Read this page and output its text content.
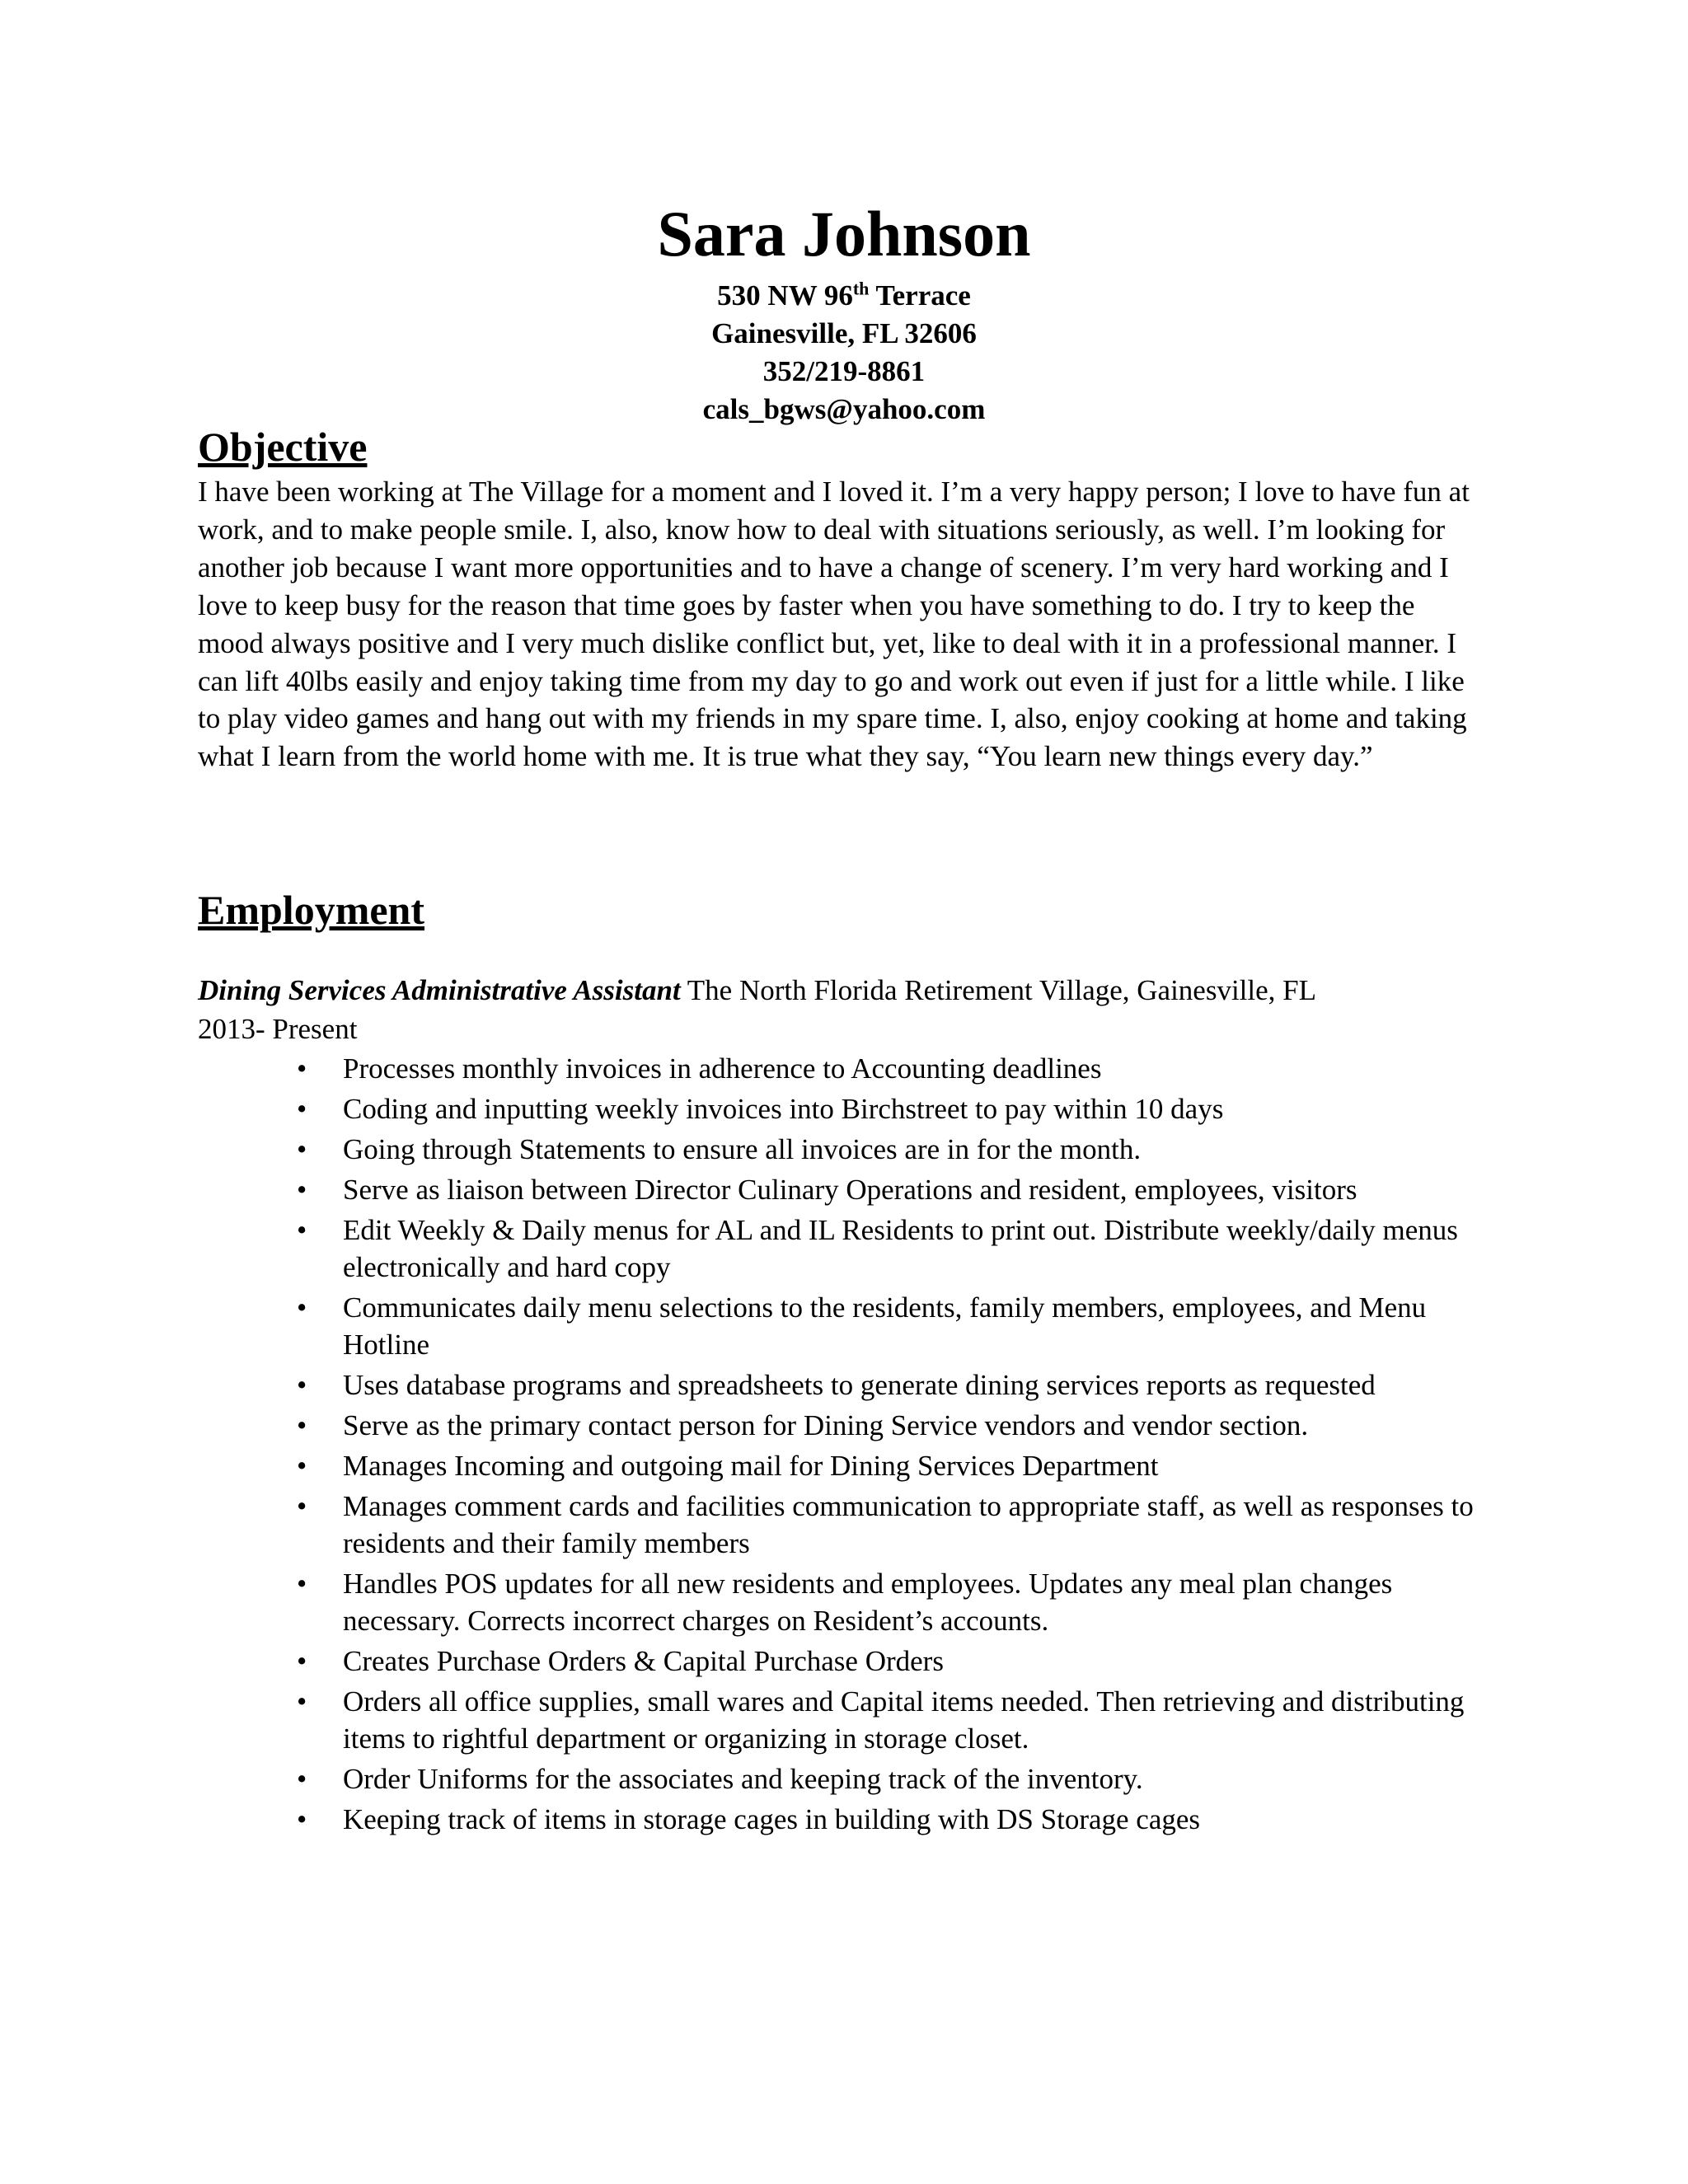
Sara Johnson

530 NW 96th Terrace

Gainesville, FL 32606

352/219-8861

cals_bgws@yahoo.com

Objective

I have been working at The Village for a moment and I loved it. I’m a very happy person; I love to have fun at work, and to make people smile. I, also, know how to deal with situations seriously, as well. I’m looking for another job because I want more opportunities and to have a change of scenery. I’m very hard working and I love to keep busy for the reason that time goes by faster when you have something to do. I try to keep the mood always positive and I very much dislike conflict but, yet, like to deal with it in a professional manner. I can lift 40lbs easily and enjoy taking time from my day to go and work out even if just for a little while. I like to play video games and hang out with my friends in my spare time. I, also, enjoy cooking at home and taking what I learn from the world home with me. It is true what they say, “You learn new things every day.”

Employment

Dining Services Administrative Assistant The North Florida Retirement Village, Gainesville, FL
2013- Present

•	Processes monthly invoices in adherence to Accounting deadlines
•	Coding and inputting weekly invoices into Birchstreet to pay within 10 days
•	Going through Statements to ensure all invoices are in for the month.
•	Serve as liaison between Director Culinary Operations and resident, employees, visitors
•	Edit Weekly & Daily menus for AL and IL Residents to print out. Distribute weekly/daily menus electronically and hard copy
•	Communicates daily menu selections to the residents, family members, employees, and Menu Hotline
•	Uses database programs and spreadsheets to generate dining services reports as requested
•	Serve as the primary contact person for Dining Service vendors and vendor section.
•	Manages Incoming and outgoing mail for Dining Services Department
•	Manages comment cards and facilities communication to appropriate staff, as well as responses to residents and their family members
•	Handles POS updates for all new residents and employees. Updates any meal plan changes necessary. Corrects incorrect charges on Resident’s accounts.
•	Creates Purchase Orders & Capital Purchase Orders
•	Orders all office supplies, small wares and Capital items needed. Then retrieving and distributing items to rightful department or organizing in storage closet.
•	Order Uniforms for the associates and keeping track of the inventory.
•	Keeping track of items in storage cages in building with DS Storage cages
